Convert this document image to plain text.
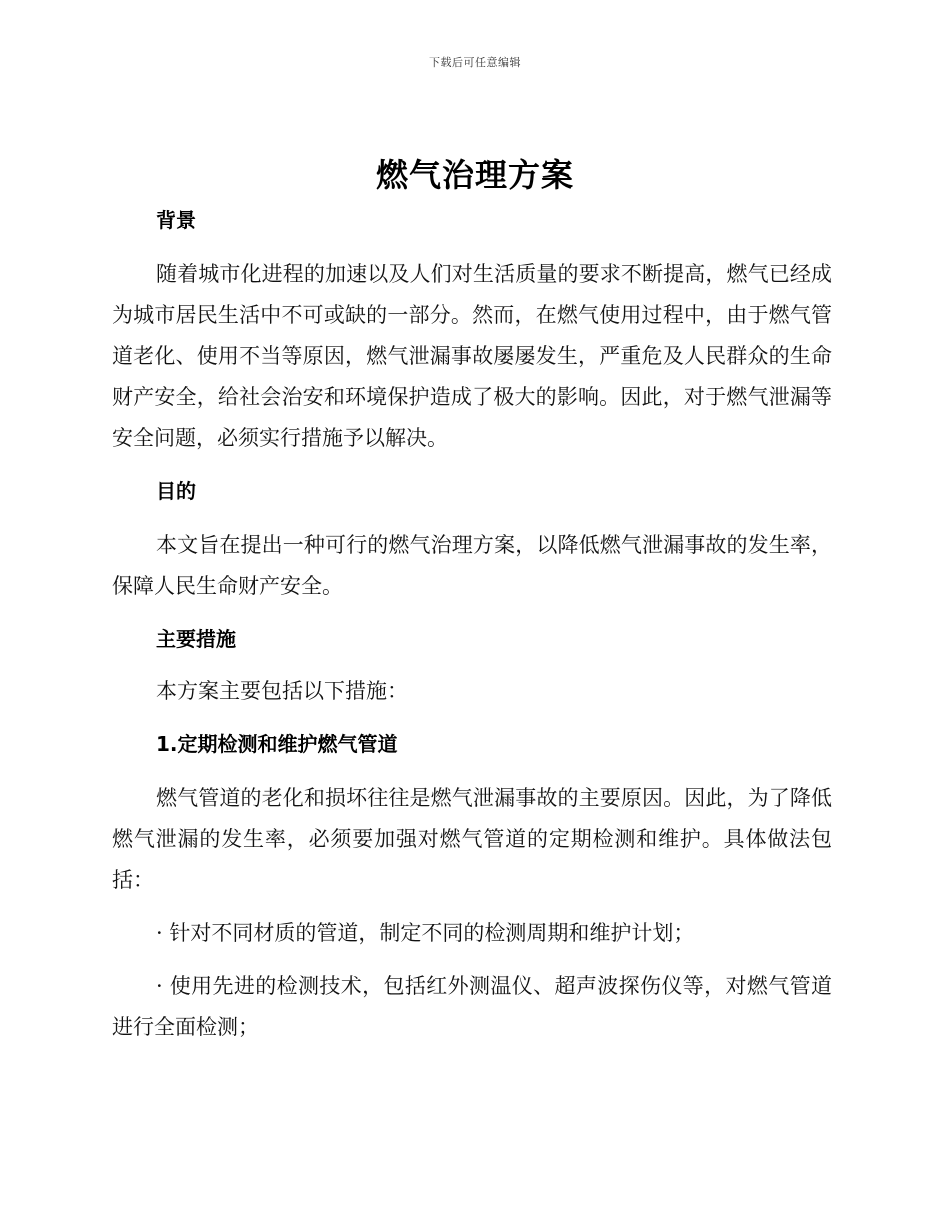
下载后可任意编辑
燃气治理方案
背景

随着城市化进程的加速以及人们对生活质量的要求不断提高，燃气已经成为城市居民生活中不可或缺的一部分。然而，在燃气使用过程中，由于燃气管道老化、使用不当等原因，燃气泄漏事故屡屡发生，严重危及人民群众的生命财产安全，给社会治安和环境保护造成了极大的影响。因此，对于燃气泄漏等安全问题，必须实行措施予以解决。

目的

本文旨在提出一种可行的燃气治理方案，以降低燃气泄漏事故的发生率，保障人民生命财产安全。

主要措施

本方案主要包括以下措施：

1.定期检测和维护燃气管道

燃气管道的老化和损坏往往是燃气泄漏事故的主要原因。因此，为了降低燃气泄漏的发生率，必须要加强对燃气管道的定期检测和维护。具体做法包括：

· 针对不同材质的管道，制定不同的检测周期和维护计划；

· 使用先进的检测技术，包括红外测温仪、超声波探伤仪等，对燃气管道进行全面检测；
